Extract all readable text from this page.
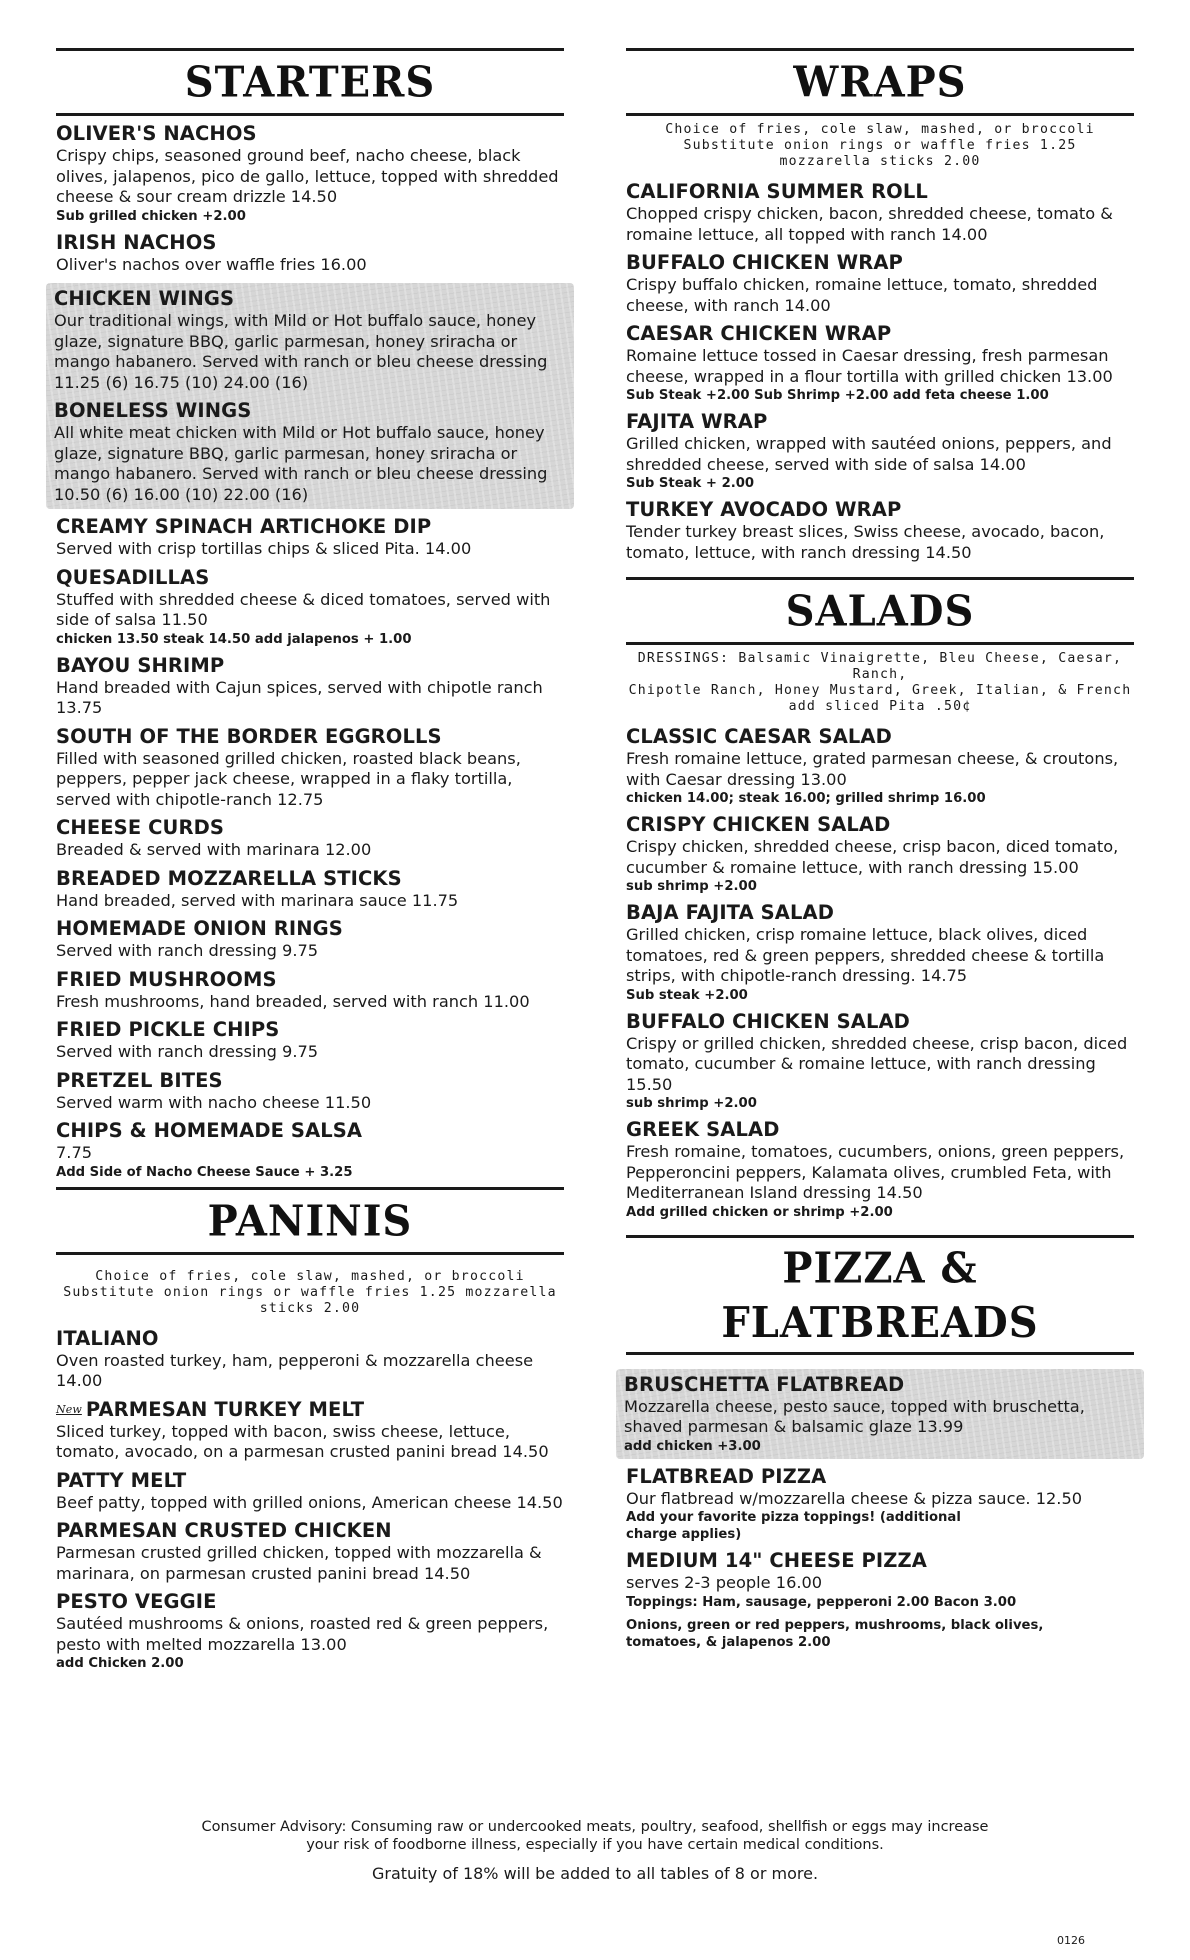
STARTERS
OLIVER'S NACHOS
Crispy chips, seasoned ground beef, nacho cheese, black olives, jalapenos, pico de gallo, lettuce, topped with shredded cheese & sour cream drizzle 14.50
Sub grilled chicken +2.00
IRISH NACHOS
Oliver's nachos over waffle fries 16.00
CHICKEN WINGS
Our traditional wings, with Mild or Hot buffalo sauce, honey glaze, signature BBQ, garlic parmesan, honey sriracha or mango habanero. Served with ranch or bleu cheese dressing 11.25 (6) 16.75 (10) 24.00 (16)
BONELESS WINGS
All white meat chicken with Mild or Hot buffalo sauce, honey glaze, signature BBQ, garlic parmesan, honey sriracha or mango habanero. Served with ranch or bleu cheese dressing 10.50 (6) 16.00 (10) 22.00 (16)
CREAMY SPINACH ARTICHOKE DIP
Served with crisp tortillas chips & sliced Pita. 14.00
QUESADILLAS
Stuffed with shredded cheese & diced tomatoes, served with side of salsa 11.50
chicken 13.50 steak 14.50 add jalapenos + 1.00
BAYOU SHRIMP
Hand breaded with Cajun spices, served with chipotle ranch 13.75
SOUTH OF THE BORDER EGGROLLS
Filled with seasoned grilled chicken, roasted black beans, peppers, pepper jack cheese, wrapped in a flaky tortilla, served with chipotle-ranch 12.75
CHEESE CURDS
Breaded & served with marinara 12.00
BREADED MOZZARELLA STICKS
Hand breaded, served with marinara sauce 11.75
HOMEMADE ONION RINGS
Served with ranch dressing 9.75
FRIED MUSHROOMS
Fresh mushrooms, hand breaded, served with ranch 11.00
FRIED PICKLE CHIPS
Served with ranch dressing 9.75
PRETZEL BITES
Served warm with nacho cheese 11.50
CHIPS & HOMEMADE SALSA
7.75
Add Side of Nacho Cheese Sauce + 3.25
PANINIS
Choice of fries, cole slaw, mashed, or broccoli Substitute onion rings or waffle fries 1.25 mozzarella sticks 2.00
ITALIANO
Oven roasted turkey, ham, pepperoni & mozzarella cheese 14.00
New PARMESAN TURKEY MELT
Sliced turkey, topped with bacon, swiss cheese, lettuce, tomato, avocado, on a parmesan crusted panini bread 14.50
PATTY MELT
Beef patty, topped with grilled onions, American cheese 14.50
PARMESAN CRUSTED CHICKEN
Parmesan crusted grilled chicken, topped with mozzarella & marinara, on parmesan crusted panini bread 14.50
PESTO VEGGIE
Sautéed mushrooms & onions, roasted red & green peppers, pesto with melted mozzarella 13.00
add Chicken 2.00
WRAPS
Choice of fries, cole slaw, mashed, or broccoli
Substitute onion rings or waffle fries 1.25
mozzarella sticks 2.00
CALIFORNIA SUMMER ROLL
Chopped crispy chicken, bacon, shredded cheese, tomato & romaine lettuce, all topped with ranch 14.00
BUFFALO CHICKEN WRAP
Crispy buffalo chicken, romaine lettuce, tomato, shredded cheese, with ranch 14.00
CAESAR CHICKEN WRAP
Romaine lettuce tossed in Caesar dressing, fresh parmesan cheese, wrapped in a flour tortilla with grilled chicken 13.00
Sub Steak +2.00 Sub Shrimp +2.00 add feta cheese 1.00
FAJITA WRAP
Grilled chicken, wrapped with sautéed onions, peppers, and shredded cheese, served with side of salsa 14.00
Sub Steak + 2.00
TURKEY AVOCADO WRAP
Tender turkey breast slices, Swiss cheese, avocado, bacon, tomato, lettuce, with ranch dressing 14.50
SALADS
DRESSINGS: Balsamic Vinaigrette, Bleu Cheese, Caesar, Ranch,
Chipotle Ranch, Honey Mustard, Greek, Italian, & French
add sliced Pita .50¢
CLASSIC CAESAR SALAD
Fresh romaine lettuce, grated parmesan cheese, & croutons, with Caesar dressing 13.00
chicken 14.00; steak 16.00; grilled shrimp 16.00
CRISPY CHICKEN SALAD
Crispy chicken, shredded cheese, crisp bacon, diced tomato, cucumber & romaine lettuce, with ranch dressing 15.00
sub shrimp +2.00
BAJA FAJITA SALAD
Grilled chicken, crisp romaine lettuce, black olives, diced tomatoes, red & green peppers, shredded cheese & tortilla strips, with chipotle-ranch dressing. 14.75
Sub steak +2.00
BUFFALO CHICKEN SALAD
Crispy or grilled chicken, shredded cheese, crisp bacon, diced tomato, cucumber & romaine lettuce, with ranch dressing 15.50
sub shrimp +2.00
GREEK SALAD
Fresh romaine, tomatoes, cucumbers, onions, green peppers, Pepperoncini peppers, Kalamata olives, crumbled Feta, with Mediterranean Island dressing 14.50
Add grilled chicken or shrimp +2.00
PIZZA & FLATBREADS
BRUSCHETTA FLATBREAD
Mozzarella cheese, pesto sauce, topped with bruschetta, shaved parmesan & balsamic glaze 13.99
add chicken +3.00
FLATBREAD PIZZA
Our flatbread w/mozzarella cheese & pizza sauce. 12.50
Add your favorite pizza toppings! (additional charge applies)
MEDIUM 14" CHEESE PIZZA
serves 2-3 people 16.00
Toppings: Ham, sausage, pepperoni 2.00 Bacon 3.00
Onions, green or red peppers, mushrooms, black olives, tomatoes, & jalapenos 2.00
Consumer Advisory: Consuming raw or undercooked meats, poultry, seafood, shellfish or eggs may increase
your risk of foodborne illness, especially if you have certain medical conditions.
Gratuity of 18% will be added to all tables of 8 or more.
0126
